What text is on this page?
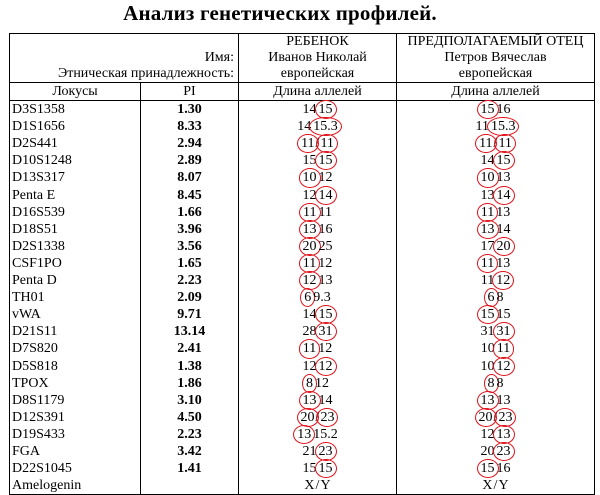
Анализ генетических профилей.
		РЕБЕНОК	ПРЕДПОЛАГАЕМЫЙ ОТЕЦ
	Имя:	Иванов Николай	Петров Вячеслав
Этническая принадлежность:		европейская	европейская
Локусы	PI	Длина аллелей	Длина аллелей
D3S1358	1.30	14 15	15 16
D1S1656	8.33	14 15.3	11 15.3
D2S441	2.94	11/11	11/11
D10S1248	2.89	15 15	14 15
D13S317	8.07	10 12	10 13
Penta E	8.45	12 14	13 14
D16S539	1.66	11 11	11 13
D18S51	3.96	13 16	13 14
D2S1338	3.56	20 25	17 20
CSF1PO	1.65	11 12	11 13
Penta D	2.23	12 13	11 12
TH01	2.09	6 9.3	6 8
vWA	9.71	14 15	15 15
D21S11	13.14	28 31	31 31
D7S820	2.41	11 12	10 11
D5S818	1.38	12 12	10 12
TPOX	1.86	8 12	8 8
D8S1179	3.10	13 14	13 13
D12S391	4.50	20/23	20/23
D19S433	2.23	13 15.2	12 13
FGA	3.42	21 23	20 23
D22S1045	1.41	15 15	15 16
Amelogenin		X/Y	X/Y
